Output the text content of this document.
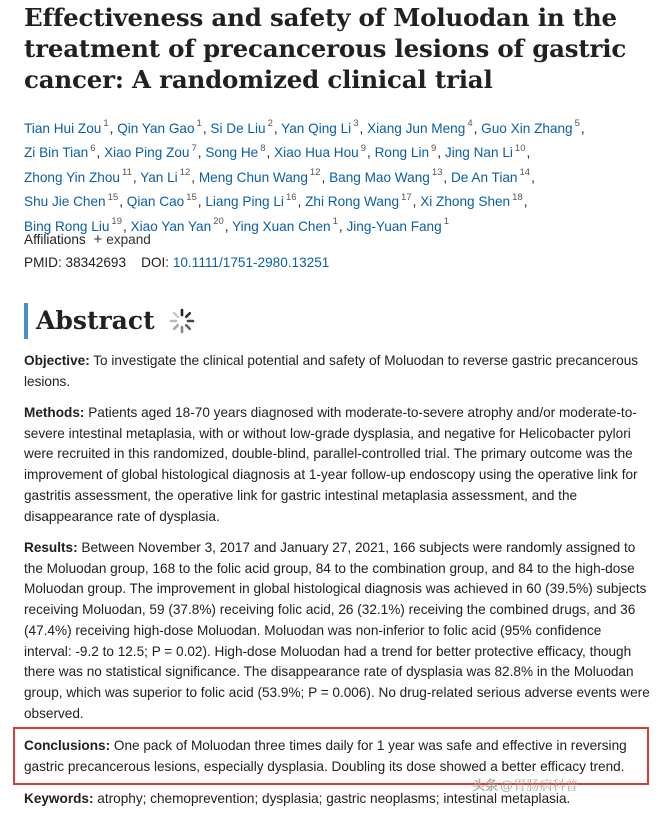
Effectiveness and safety of Moluodan in the treatment of precancerous lesions of gastric cancer: A randomized clinical trial
Tian Hui Zou $^1$, Qin Yan Gao $^1$, Si De Liu $^2$, Yan Qing Li $^3$, Xiang Jun Meng $^4$, Guo Xin Zhang $^5$,
Zi Bin Tian $^6$, Xiao Ping Zou $^7$, Song He $^8$, Xiao Hua Hou $^9$, Rong Lin $^9$, Jing Nan Li $^{10}$,
Zhong Yin Zhou $^{11}$, Yan Li $^{12}$, Meng Chun Wang $^{12}$, Bang Mao Wang $^{13}$, De An Tian $^{14}$,
Shu Jie Chen $^{15}$, Qian Cao $^{15}$, Liang Ping Li $^{16}$, Zhi Rong Wang $^{17}$, Xi Zhong Shen $^{18}$,
Bing Rong Liu $^{19}$, Xiao Yan Yan $^{20}$, Ying Xuan Chen $^1$, Jing-Yuan Fang $^1$
Affiliations + expand
PMID: 38342693 DOI: 10.1111/1751-2980.13251
Abstract
Objective: To investigate the clinical potential and safety of Moluodan to reverse gastric precancerous lesions.
Methods: Patients aged 18-70 years diagnosed with moderate-to-severe atrophy and/or moderate-to-severe intestinal metaplasia, with or without low-grade dysplasia, and negative for Helicobacter pylori were recruited in this randomized, double-blind, parallel-controlled trial. The primary outcome was the improvement of global histological diagnosis at 1-year follow-up endoscopy using the operative link for gastritis assessment, the operative link for gastric intestinal metaplasia assessment, and the disappearance rate of dysplasia.
Results: Between November 3, 2017 and January 27, 2021, 166 subjects were randomly assigned to the Moluodan group, 168 to the folic acid group, 84 to the combination group, and 84 to the high-dose Moluodan group. The improvement in global histological diagnosis was achieved in 60 (39.5%) subjects receiving Moluodan, 59 (37.8%) receiving folic acid, 26 (32.1%) receiving the combined drugs, and 36 (47.4%) receiving high-dose Moluodan. Moluodan was non-inferior to folic acid (95% confidence interval: -9.2 to 12.5; P = 0.02). High-dose Moluodan had a trend for better protective efficacy, though there was no statistical significance. The disappearance rate of dysplasia was 82.8% in the Moluodan group, which was superior to folic acid (53.9%; P = 0.006). No drug-related serious adverse events were observed.
Conclusions: One pack of Moluodan three times daily for 1 year was safe and effective in reversing gastric precancerous lesions, especially dysplasia. Doubling its dose showed a better efficacy trend.
Keywords: atrophy; chemoprevention; dysplasia; gastric neoplasms; intestinal metaplasia.
头条 @胃肠病科普
